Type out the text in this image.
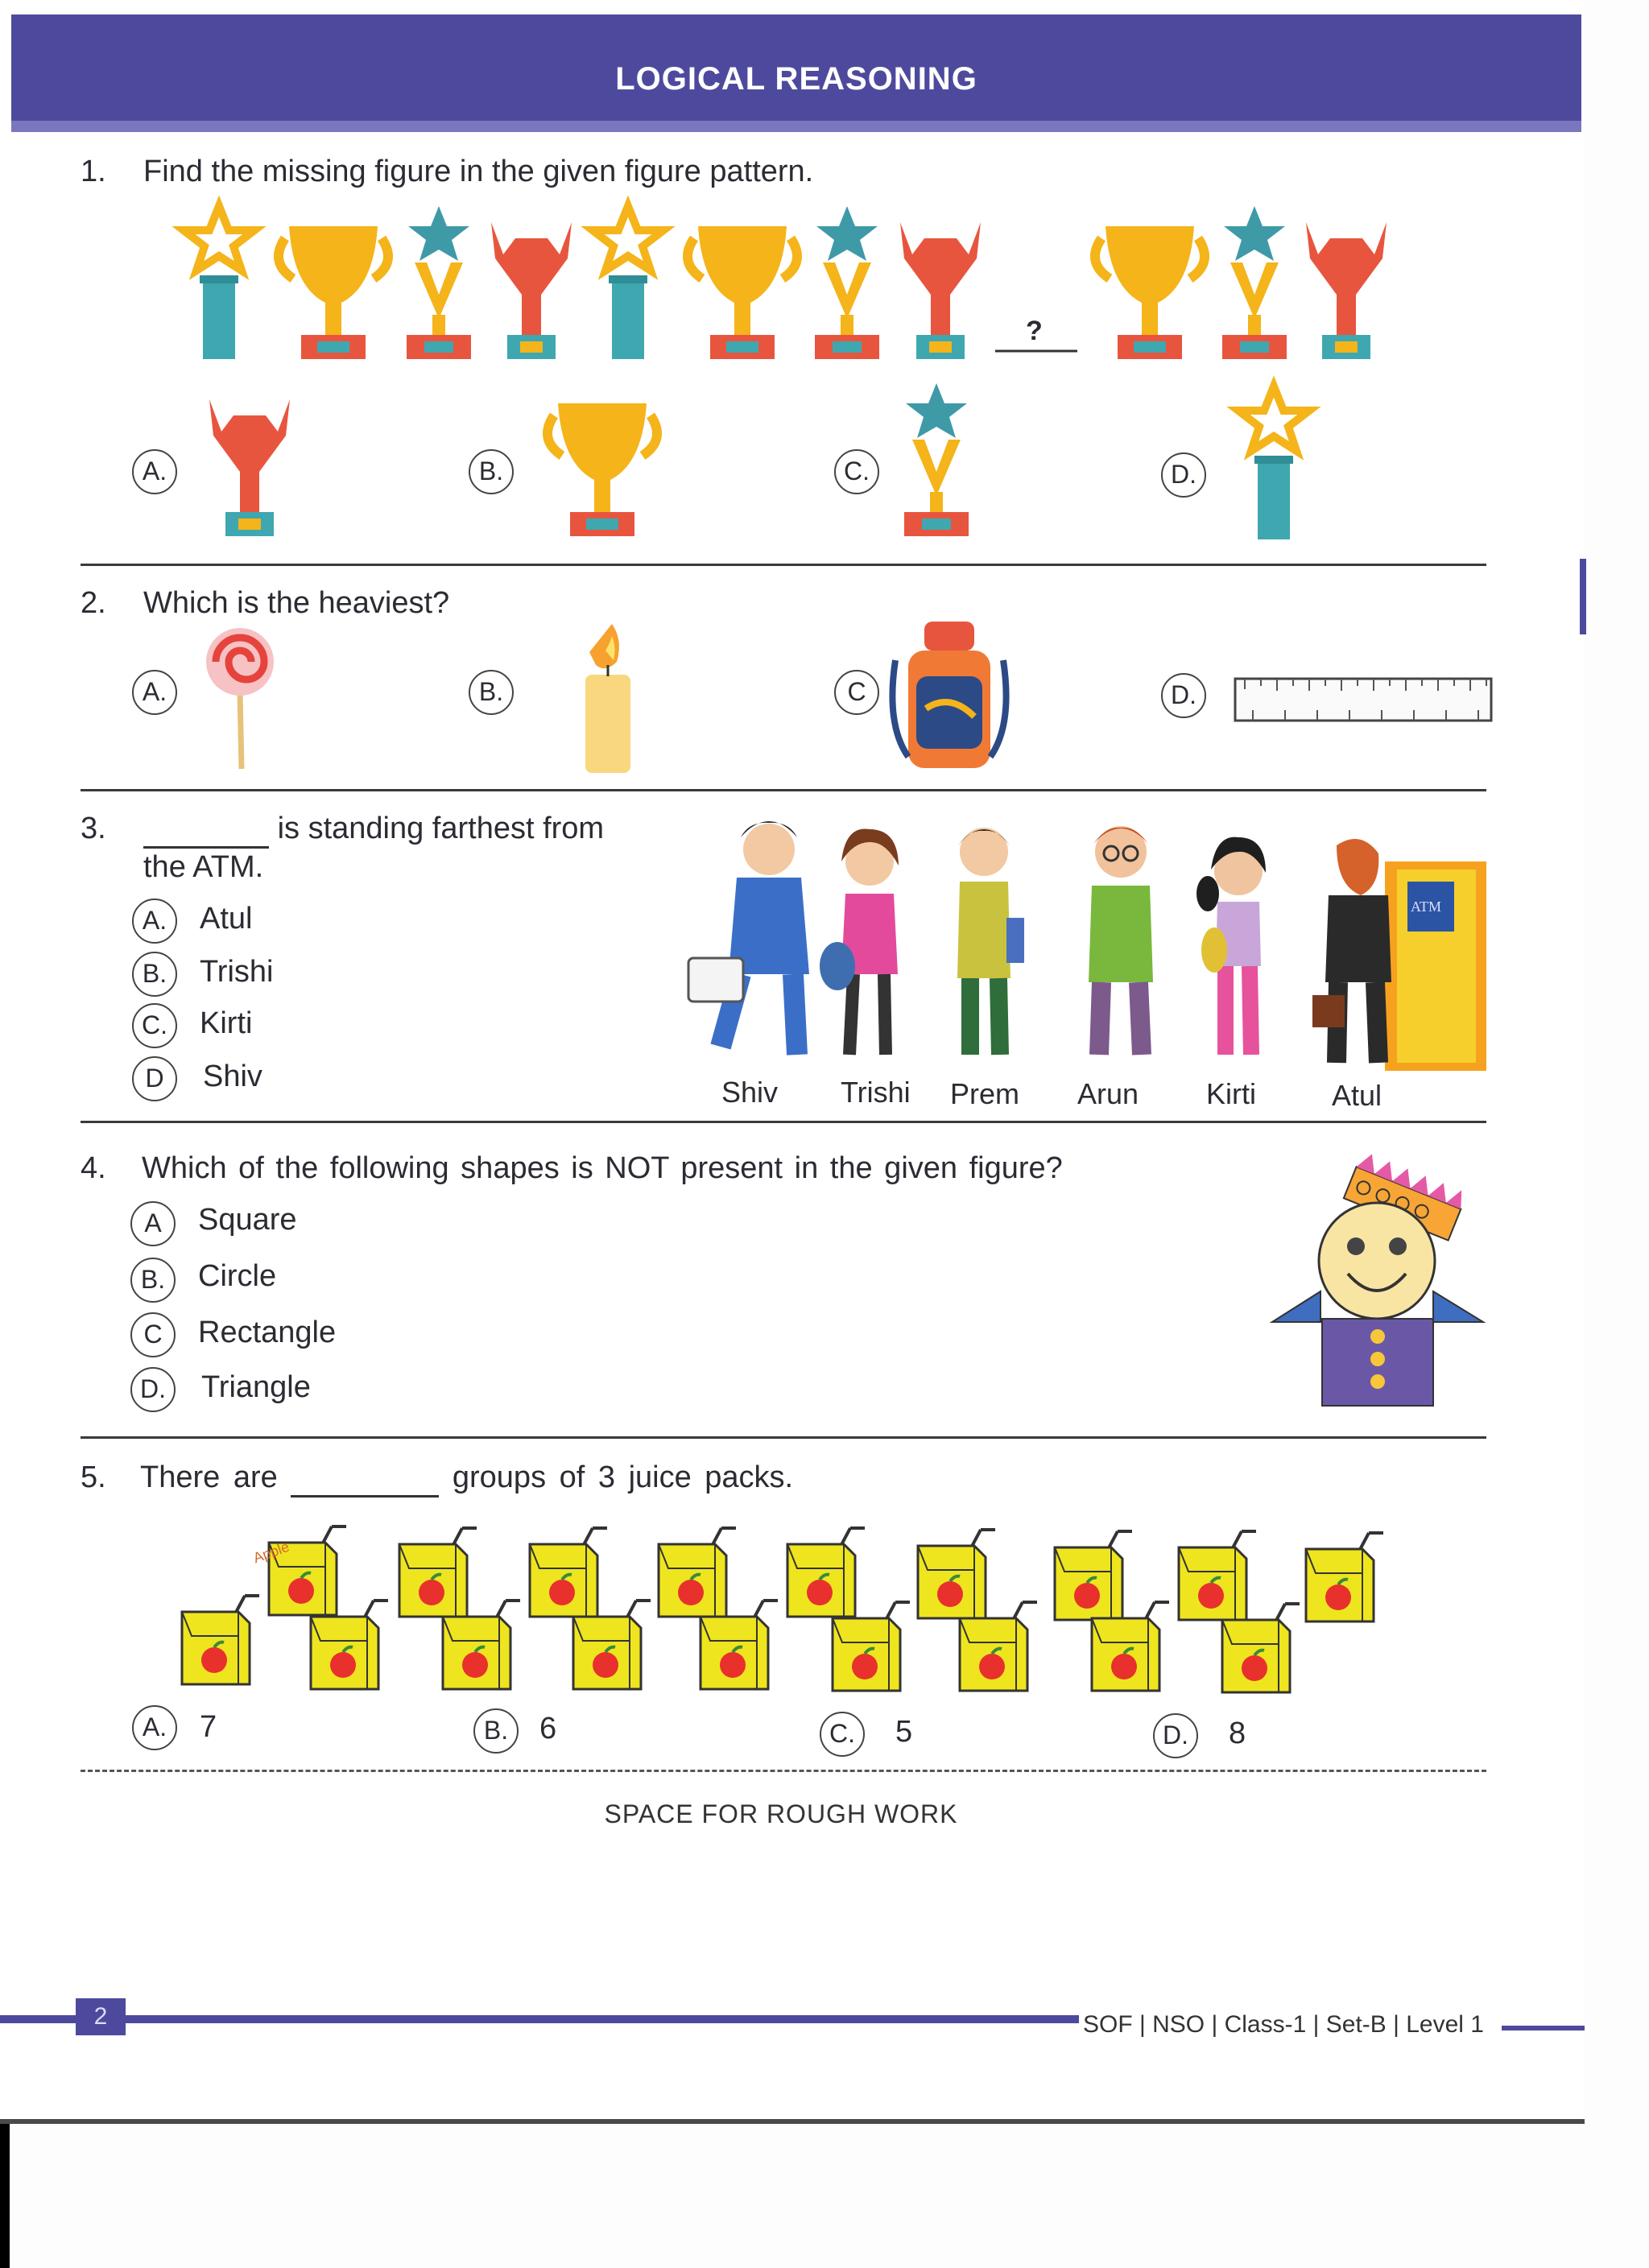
LOGICAL REASONING
1. Find the missing figure in the given figure pattern.
?
A.	B.	C.	D.
2. Which is the heaviest?
A.	B.	C	D.
3.	is standing farthest from
the ATM.
A.	Atul
B.	Trishi
C.	Kirti
D	Shiv
ATM
Shiv Trishi Prem Arun Kirti	Atul
4. Which of the following shapes is NOT present in the given figure?
A	Square
B.	Circle
C	Rectangle
D.	Triangle
5. There are	groups of 3 juice packs.
Apple
A.	7	B.	6	C.	5	D.	8
SPACE FOR ROUGH WORK
2	SOF | NSO | Class-1 | Set-B | Level 1
